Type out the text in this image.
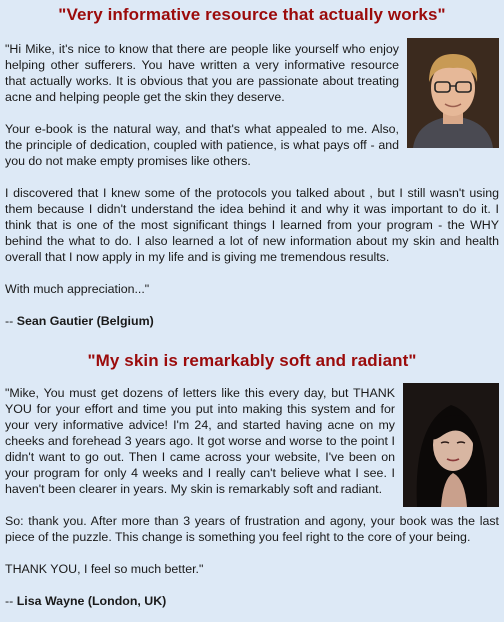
"Very informative resource that actually works"

"Hi Mike, it's nice to know that there are people like yourself who enjoy helping other sufferers. You have written a very informative resource that actually works. It is obvious that you are passionate about treating acne and helping people get the skin they deserve.

Your e-book is the natural way, and that's what appealed to me. Also, the principle of dedication, coupled with patience, is what pays off - and you do not make empty promises like others.

I discovered that I knew some of the protocols you talked about , but I still wasn't using them because I didn't understand the idea behind it and why it was important to do it. I think that is one of the most significant things I learned from your program - the WHY behind the what to do. I also learned a lot of new information about my skin and health overall that I now apply in my life and is giving me tremendous results.

With much appreciation..."

-- Sean Gautier (Belgium)
"My skin is remarkably soft and radiant"

"Mike, You must get dozens of letters like this every day, but THANK YOU for your effort and time you put into making this system and for your very informative advice! I'm 24, and started having acne on my cheeks and forehead 3 years ago. It got worse and worse to the point I didn't want to go out. Then I came across your website, I've been on your program for only 4 weeks and I really can't believe what I see. I haven't been clearer in years. My skin is remarkably soft and radiant.

So: thank you. After more than 3 years of frustration and agony, your book was the last piece of the puzzle. This change is something you feel right to the core of your being.

THANK YOU, I feel so much better."

-- Lisa Wayne (London, UK)
